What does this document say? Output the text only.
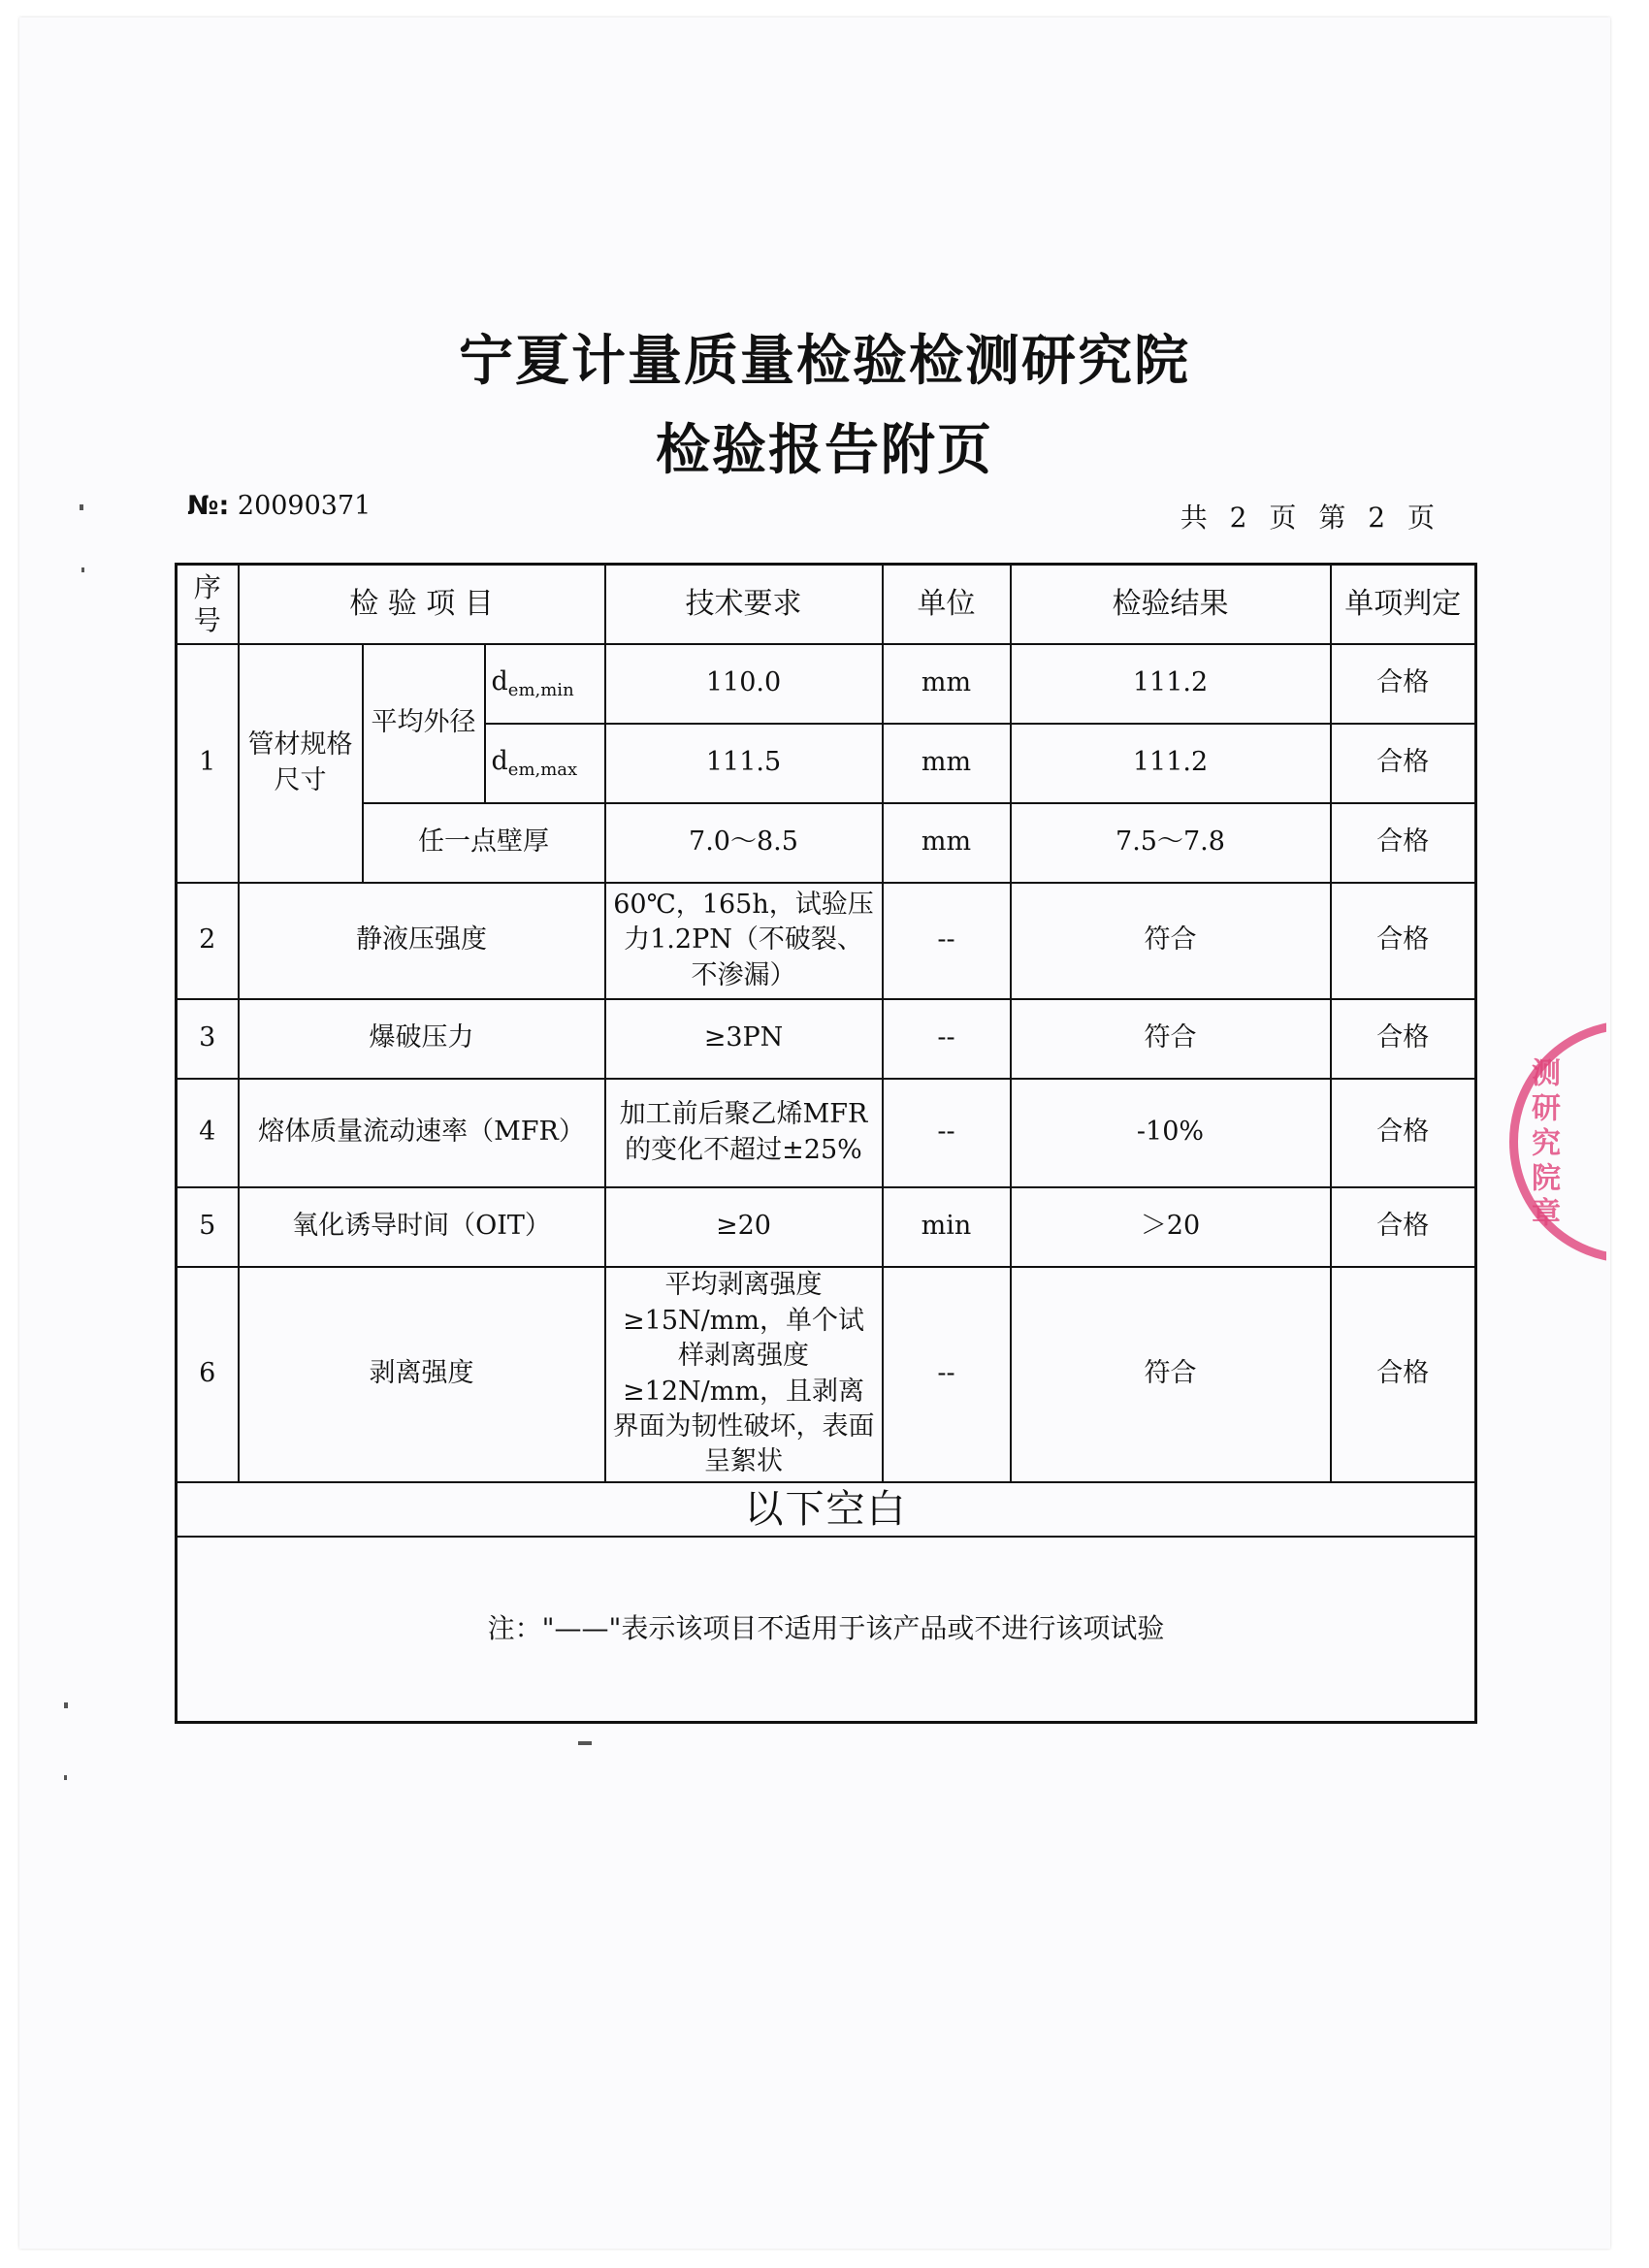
宁夏计量质量检验检测研究院
检验报告附页
№: 20090371	共 2 页 第 2 页
序号	检 验 项 目			技术要求	单位	检验结果	单项判定
1	管材规格尺寸	平均外径	$d_{em,min}$	110.0	mm	111.2	合格
			$d_{em,max}$	111.5	mm	111.2	合格
		任一点壁厚		7.0～8.5	mm	7.5～7.8	合格
2	静液压强度			60℃，165h，试验压力1.2PN（不破裂、不渗漏）	--	符合	合格
3	爆破压力			≥3PN	--	符合	合格
4	熔体质量流动速率（MFR）			加工前后聚乙烯MFR的变化不超过±25%	--	-10%	合格
5	氧化诱导时间（OIT）			≥20	min	＞20	合格
6	剥离强度			平均剥离强度≥15N/mm，单个试样剥离强度≥12N/mm，且剥离界面为韧性破坏，表面呈絮状	--	符合	合格
以下空白							
注："——"表示该项目不适用于该产品或不进行该项试验							
测研究院章
